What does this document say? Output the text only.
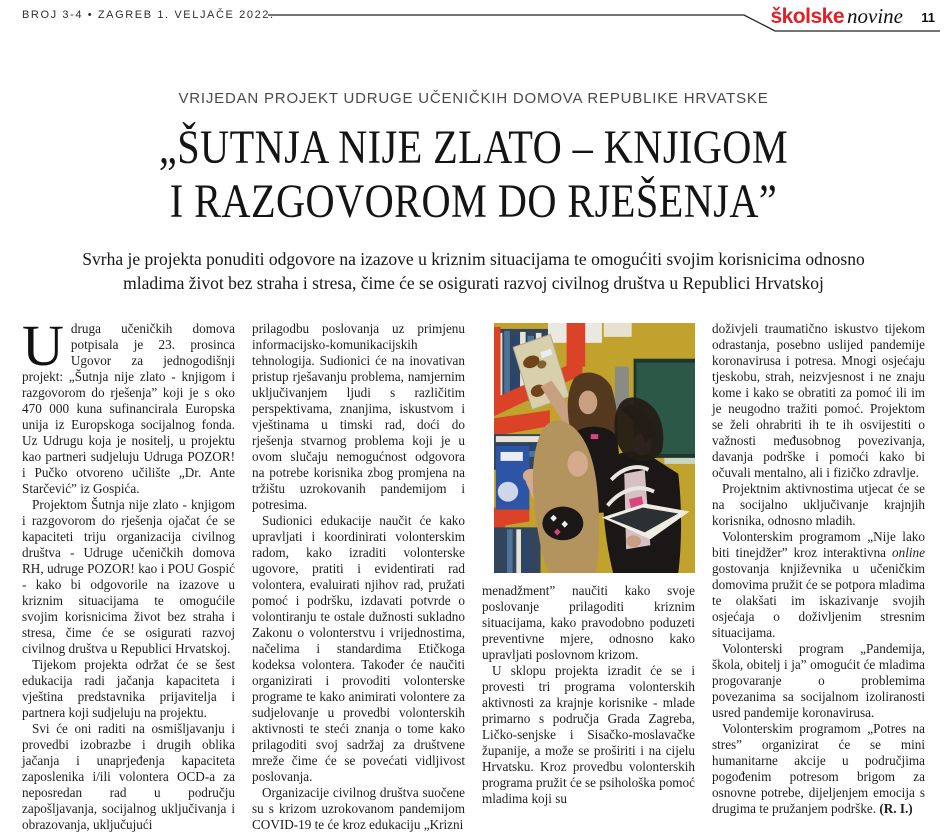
BROJ 3-4 • ZAGREB 1. VELJAČE 2022.	školske novine 11
VRIJEDAN PROJEKT UDRUGE UČENIČKIH DOMOVA REPUBLIKE HRVATSKE
„ŠUTNJA NIJE ZLATO – KNJIGOM
I RAZGOVOROM DO RJEŠENJA”

Svrha je projekta ponuditi odgovore na izazove u kriznim situacijama te omogućiti svojim korisnicima odnosno mladima život bez straha i stresa, čime će se osigurati razvoj civilnog društva u Republici Hrvatskoj

Udruga učeničkih domova potpisala je 23. prosinca Ugovor za jednogodišnji projekt: „Šutnja nije zlato - knjigom i razgovorom do rješenja” koji je s oko 470 000 kuna sufinancirala Europska unija iz Europskoga socijalnog fonda. Uz Udrugu koja je nositelj, u projektu kao partneri sudjeluju Udruga POZOR! i Pučko otvoreno učilište „Dr. Ante Starčević” iz Gospića.

Projektom Šutnja nije zlato - knjigom i razgovorom do rješenja ojačat će se kapaciteti triju organizacija civilnog društva - Udruge učeničkih domova RH, udruge POZOR! kao i POU Gospić - kako bi odgovorile na izazove u kriznim situacijama te omogućile svojim korisnicima život bez straha i stresa, čime će se osigurati razvoj civilnog društva u Republici Hrvatskoj.

Tijekom projekta održat će se šest edukacija radi jačanja kapaciteta i vještina predstavnika prijavitelja i partnera koji sudjeluju na projektu.

Svi će oni raditi na osmišljavanju i provedbi izobrazbe i drugih oblika jačanja i unaprjeđenja kapaciteta zaposlenika i/ili volontera OCD-a za neposredan rad u području zapošljavanja, socijalnog uključivanja i obrazovanja, uključujući

prilagodbu poslovanja uz primjenu informacijsko-komunikacijskih tehnologija. Sudionici će na inovativan pristup rješavanju problema, namjernim uključivanjem ljudi s različitim perspektivama, znanjima, iskustvom i vještinama u timski rad, doći do rješenja stvarnog problema koji je u ovom slučaju nemogućnost odgovora na potrebe korisnika zbog promjena na tržištu uzrokovanih pandemijom i potresima.

Sudionici edukacije naučit će kako upravljati i koordinirati volonterskim radom, kako izraditi volonterske ugovore, pratiti i evidentirati rad volontera, evaluirati njihov rad, pružati pomoć i podršku, izdavati potvrde o volontiranju te ostale dužnosti sukladno Zakonu o volonterstvu i vrijednostima, načelima i standardima Etičkoga kodeksa volontera. Također će naučiti organizirati i provoditi volonterske programe te kako animirati volontere za sudjelovanje u provedbi volonterskih aktivnosti te steći znanja o tome kako prilagoditi svoj sadržaj za društvene mreže čime će se povećati vidljivost poslovanja.

Organizacije civilnog društva suočene su s krizom uzrokovanom pandemijom COVID-19 te će kroz edukaciju „Krizni

menadžment” naučiti kako svoje poslovanje prilagoditi kriznim situacijama, kako pravodobno poduzeti preventivne mjere, odnosno kako upravljati poslovnom krizom.

U sklopu projekta izradit će se i provesti tri programa volonterskih aktivnosti za krajnje korisnike - mlade primarno s područja Grada Zagreba, Ličko-senjske i Sisačko-moslavačke županije, a može se proširiti i na cijelu Hrvatsku. Kroz provedbu volonterskih programa pružit će se psihološka pomoć mladima koji su

doživjeli traumatično iskustvo tijekom odrastanja, posebno uslijed pandemije koronavirusa i potresa. Mnogi osjećaju tjeskobu, strah, neizvjesnost i ne znaju kome i kako se obratiti za pomoć ili im je neugodno tražiti pomoć. Projektom se želi ohrabriti ih te ih osvijestiti o važnosti međusobnog povezivanja, davanja podrške i pomoći kako bi očuvali mentalno, ali i fizičko zdravlje.

Projektnim aktivnostima utjecat će se na socijalno uključivanje krajnjih korisnika, odnosno mladih.

Volonterskim programom „Nije lako biti tinejdžer” kroz interaktivna online gostovanja književnika u učeničkim domovima pružit će se potpora mladima te olakšati im iskazivanje svojih osjećaja o doživljenim stresnim situacijama.

Volonterski program „Pandemija, škola, obitelj i ja” omogućit će mladima progovaranje o problemima povezanima sa socijalnom izoliranosti usred pandemije koronavirusa.

Volonterskim programom „Potres na stres” organizirat će se mini humanitarne akcije u područjima pogođenim potresom brigom za osnovne potrebe, dijeljenjem emocija s drugima te pružanjem podrške. (R. I.)
